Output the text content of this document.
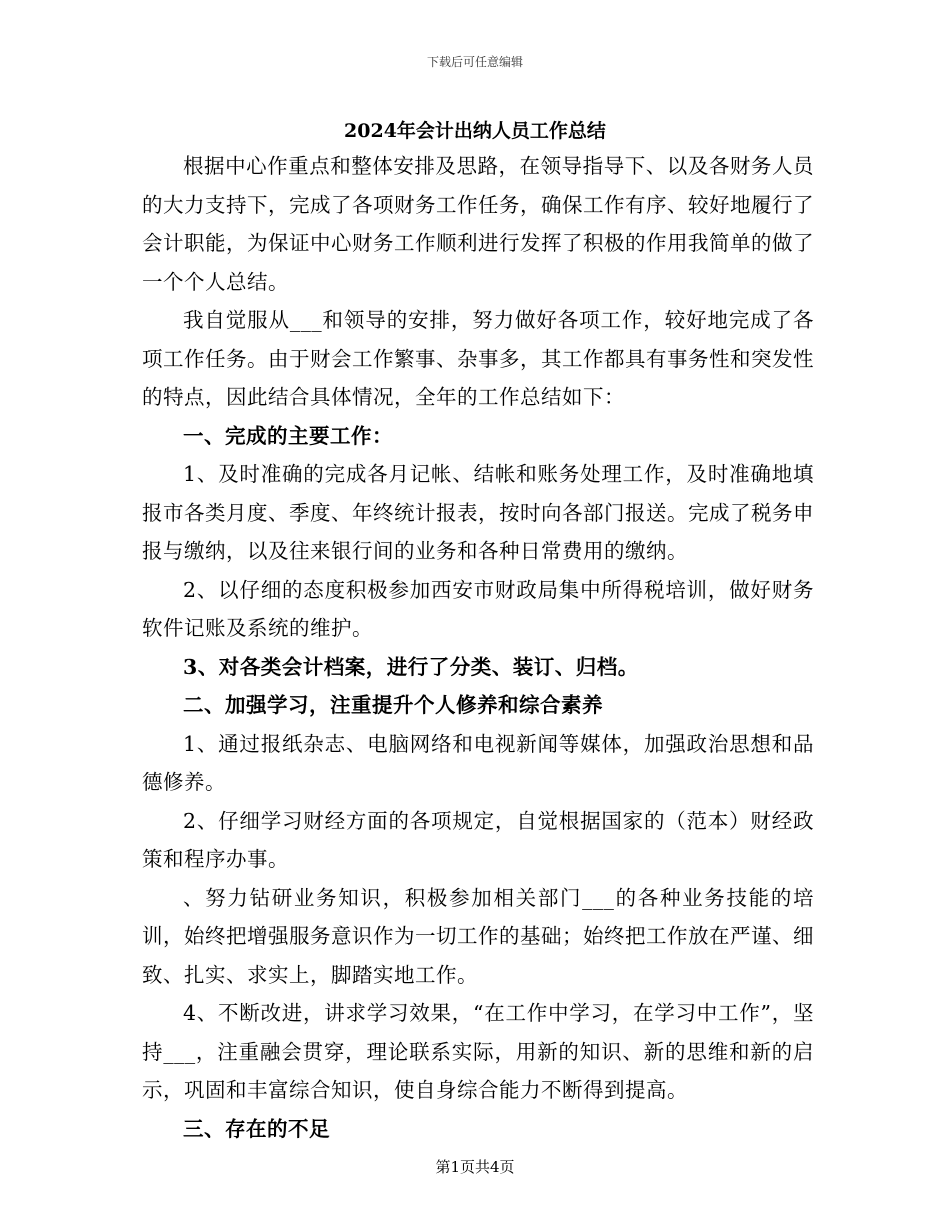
下载后可任意编辑
2024年会计出纳人员工作总结

根据中心作重点和整体安排及思路，在领导指导下、以及各财务人员的大力支持下，完成了各项财务工作任务，确保工作有序、较好地履行了会计职能，为保证中心财务工作顺利进行发挥了积极的作用我简单的做了一个个人总结。

我自觉服从___和领导的安排，努力做好各项工作，较好地完成了各项工作任务。由于财会工作繁事、杂事多，其工作都具有事务性和突发性的特点，因此结合具体情况，全年的工作总结如下：

一、完成的主要工作：

1、及时准确的完成各月记帐、结帐和账务处理工作，及时准确地填报市各类月度、季度、年终统计报表，按时向各部门报送。完成了税务申报与缴纳，以及往来银行间的业务和各种日常费用的缴纳。

2、以仔细的态度积极参加西安市财政局集中所得税培训，做好财务软件记账及系统的维护。

3、对各类会计档案，进行了分类、装订、归档。

二、加强学习，注重提升个人修养和综合素养

1、通过报纸杂志、电脑网络和电视新闻等媒体，加强政治思想和品德修养。

2、仔细学习财经方面的各项规定，自觉根据国家的（范本）财经政策和程序办事。

、努力钻研业务知识，积极参加相关部门___的各种业务技能的培训，始终把增强服务意识作为一切工作的基础；始终把工作放在严谨、细致、扎实、求实上，脚踏实地工作。

4、不断改进，讲求学习效果，“在工作中学习，在学习中工作”，坚持___，注重融会贯穿，理论联系实际，用新的知识、新的思维和新的启示，巩固和丰富综合知识，使自身综合能力不断得到提高。

三、存在的不足

第1页共4页
